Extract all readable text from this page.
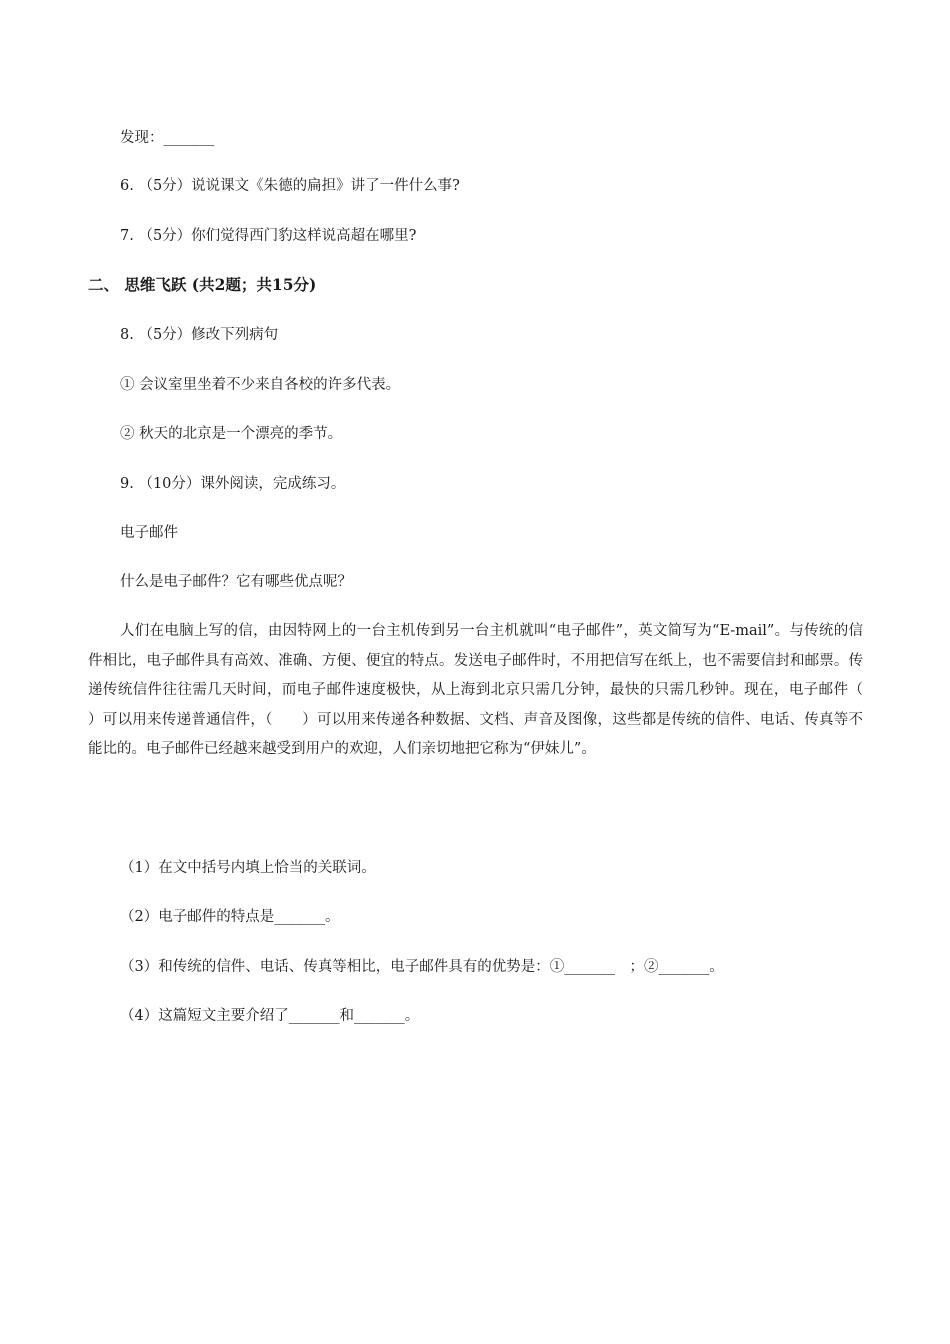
发现：_______
6. （5分）说说课文《朱德的扁担》讲了一件什么事?
7. （5分）你们觉得西门豹这样说高超在哪里?
二、 思维飞跃 (共2题；共15分)
8. （5分）修改下列病句
① 会议室里坐着不少来自各校的许多代表。
② 秋天的北京是一个漂亮的季节。
9. （10分）课外阅读，完成练习。
电子邮件
什么是电子邮件？它有哪些优点呢？
人们在电脑上写的信，由因特网上的一台主机传到另一台主机就叫“电子邮件”，英文简写为“E-mail”。与传统的信件相比，电子邮件具有高效、准确、方便、便宜的特点。发送电子邮件时，不用把信写在纸上，也不需要信封和邮票。传递传统信件往往需几天时间，而电子邮件速度极快，从上海到北京只需几分钟，最快的只需几秒钟。现在，电子邮件（　　）可以用来传递普通信件，（　　）可以用来传递各种数据、文档、声音及图像，这些都是传统的信件、电话、传真等不能比的。电子邮件已经越来越受到用户的欢迎，人们亲切地把它称为“伊妹儿”。
（1）在文中括号内填上恰当的关联词。
（2）电子邮件的特点是_______。
（3）和传统的信件、电话、传真等相比，电子邮件具有的优势是：①_______　；②_______。
（4）这篇短文主要介绍了_______和_______。
